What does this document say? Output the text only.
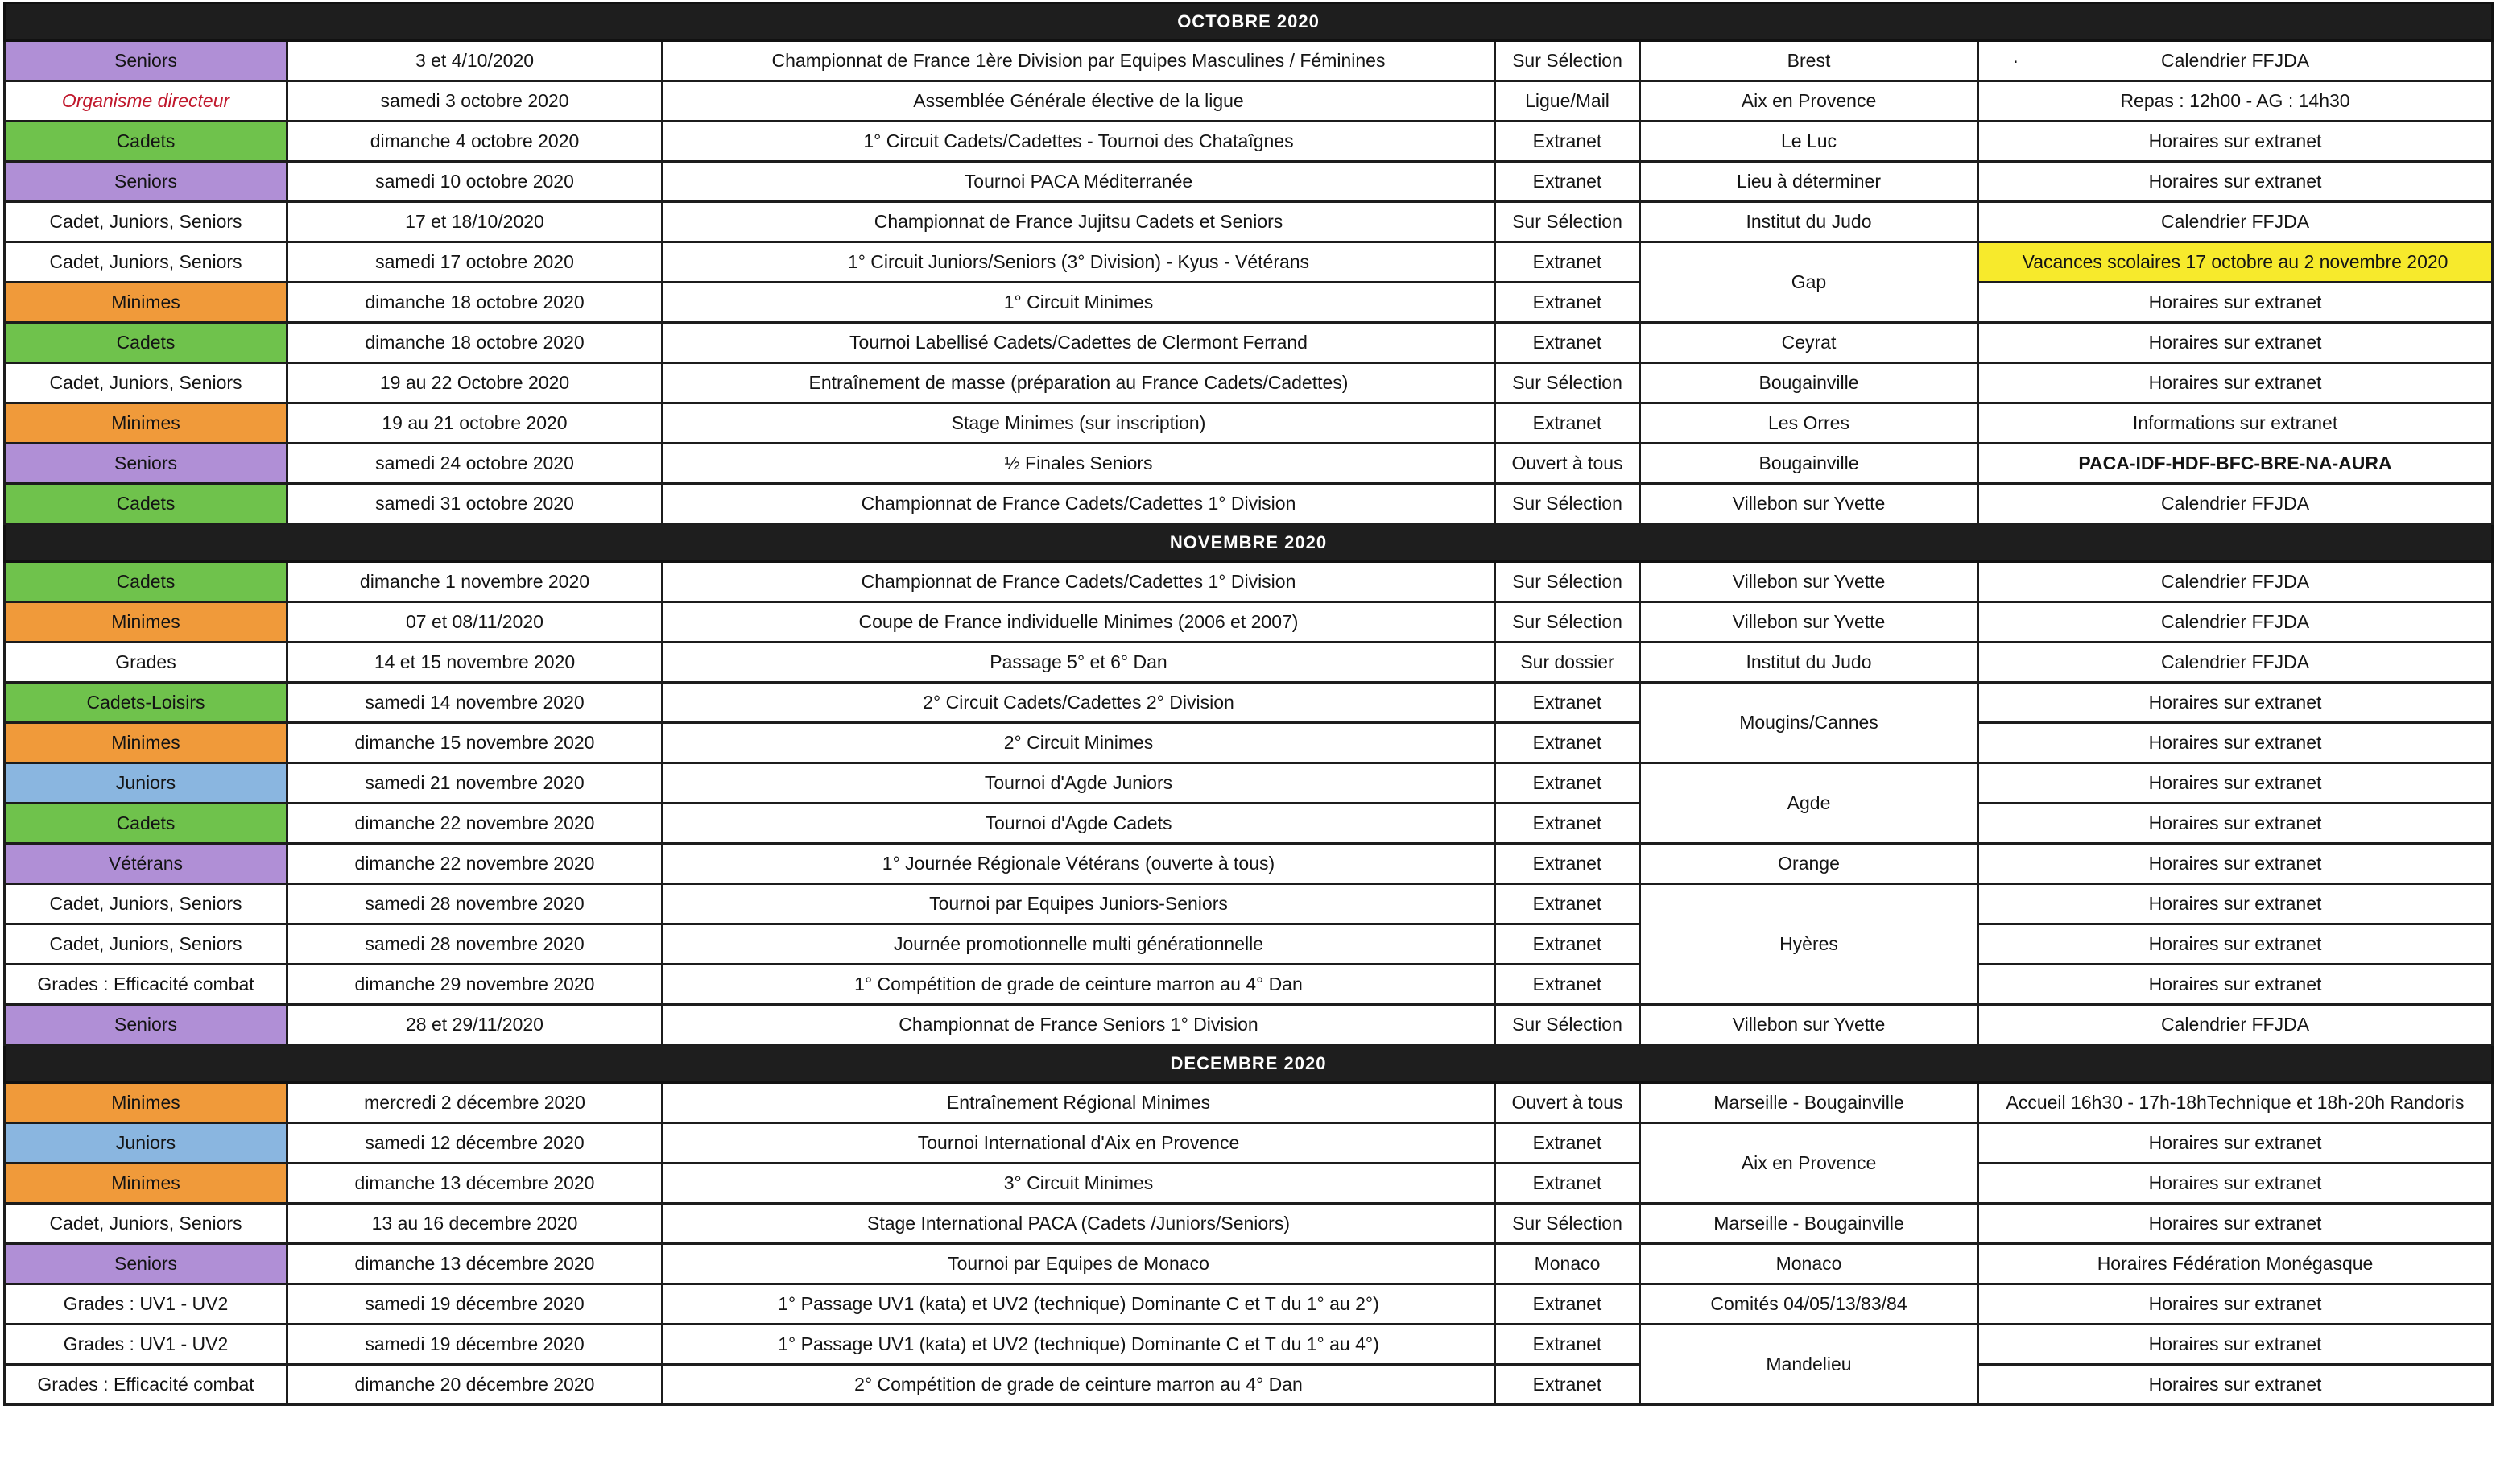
OCTOBRE 2020					
Seniors	3 et 4/10/2020	Championnat de France 1ère Division par Equipes Masculines / Féminines	Sur Sélection	Brest	Calendrier FFJDA
Organisme directeur	samedi 3 octobre 2020	Assemblée Générale élective de la ligue	Ligue/Mail	Aix en Provence	Repas : 12h00 - AG : 14h30
Cadets	dimanche 4 octobre 2020	1° Circuit Cadets/Cadettes - Tournoi des Chataîgnes	Extranet	Le Luc	Horaires sur extranet
Seniors	samedi 10 octobre 2020	Tournoi PACA Méditerranée	Extranet	Lieu à déterminer	Horaires sur extranet
Cadet, Juniors, Seniors	17 et 18/10/2020	Championnat de France Jujitsu Cadets et Seniors	Sur Sélection	Institut du Judo	Calendrier FFJDA
Cadet, Juniors, Seniors	samedi 17 octobre 2020	1° Circuit Juniors/Seniors (3° Division) - Kyus - Vétérans	Extranet	Gap	Vacances scolaires 17 octobre au 2 novembre 2020
Minimes	dimanche 18 octobre 2020	1° Circuit Minimes	Extranet		Horaires sur extranet
Cadets	dimanche 18 octobre 2020	Tournoi Labellisé Cadets/Cadettes de Clermont Ferrand	Extranet	Ceyrat	Horaires sur extranet
Cadet, Juniors, Seniors	19 au 22 Octobre 2020	Entraînement de masse (préparation au France Cadets/Cadettes)	Sur Sélection	Bougainville	Horaires sur extranet
Minimes	19 au 21 octobre 2020	Stage Minimes (sur inscription)	Extranet	Les Orres	Informations sur extranet
Seniors	samedi 24 octobre 2020	½ Finales Seniors	Ouvert à tous	Bougainville	PACA-IDF-HDF-BFC-BRE-NA-AURA
Cadets	samedi 31 octobre 2020	Championnat de France Cadets/Cadettes 1° Division	Sur Sélection	Villebon sur Yvette	Calendrier FFJDA
NOVEMBRE 2020					
Cadets	dimanche 1 novembre 2020	Championnat de France Cadets/Cadettes 1° Division	Sur Sélection	Villebon sur Yvette	Calendrier FFJDA
Minimes	07 et 08/11/2020	Coupe de France individuelle Minimes (2006 et 2007)	Sur Sélection	Villebon sur Yvette	Calendrier FFJDA
Grades	14 et 15 novembre 2020	Passage 5° et 6° Dan	Sur dossier	Institut du Judo	Calendrier FFJDA
Cadets-Loisirs	samedi 14 novembre 2020	2° Circuit Cadets/Cadettes 2° Division	Extranet	Mougins/Cannes	Horaires sur extranet
Minimes	dimanche 15 novembre 2020	2° Circuit Minimes	Extranet		Horaires sur extranet
Juniors	samedi 21 novembre 2020	Tournoi d'Agde Juniors	Extranet	Agde	Horaires sur extranet
Cadets	dimanche 22 novembre 2020	Tournoi d'Agde Cadets	Extranet		Horaires sur extranet
Vétérans	dimanche 22 novembre 2020	1° Journée Régionale Vétérans (ouverte à tous)	Extranet	Orange	Horaires sur extranet
Cadet, Juniors, Seniors	samedi 28 novembre 2020	Tournoi par Equipes Juniors-Seniors	Extranet	Hyères	Horaires sur extranet
Cadet, Juniors, Seniors	samedi 28 novembre 2020	Journée promotionnelle multi générationnelle	Extranet		Horaires sur extranet
Grades : Efficacité combat	dimanche 29 novembre 2020	1° Compétition de grade de ceinture marron au 4° Dan	Extranet		Horaires sur extranet
Seniors	28 et 29/11/2020	Championnat de France Seniors 1° Division	Sur Sélection	Villebon sur Yvette	Calendrier FFJDA
DECEMBRE 2020					
Minimes	mercredi 2 décembre 2020	Entraînement Régional Minimes	Ouvert à tous	Marseille - Bougainville	Accueil 16h30 - 17h-18hTechnique et 18h-20h Randoris
Juniors	samedi 12 décembre 2020	Tournoi International d'Aix en Provence	Extranet	Aix en Provence	Horaires sur extranet
Minimes	dimanche 13 décembre 2020	3° Circuit Minimes	Extranet		Horaires sur extranet
Cadet, Juniors, Seniors	13 au 16 decembre 2020	Stage International PACA (Cadets /Juniors/Seniors)	Sur Sélection	Marseille - Bougainville	Horaires sur extranet
Seniors	dimanche 13 décembre 2020	Tournoi par Equipes de Monaco	Monaco	Monaco	Horaires Fédération Monégasque
Grades : UV1 - UV2	samedi 19 décembre 2020	1° Passage UV1 (kata) et UV2 (technique) Dominante C et T du 1° au 2°)	Extranet	Comités 04/05/13/83/84	Horaires sur extranet
Grades : UV1 - UV2	samedi 19 décembre 2020	1° Passage UV1 (kata) et UV2 (technique) Dominante C et T du 1° au 4°)	Extranet	Mandelieu	Horaires sur extranet
Grades : Efficacité combat	dimanche 20 décembre 2020	2° Compétition de grade de ceinture marron au 4° Dan	Extranet		Horaires sur extranet
.
